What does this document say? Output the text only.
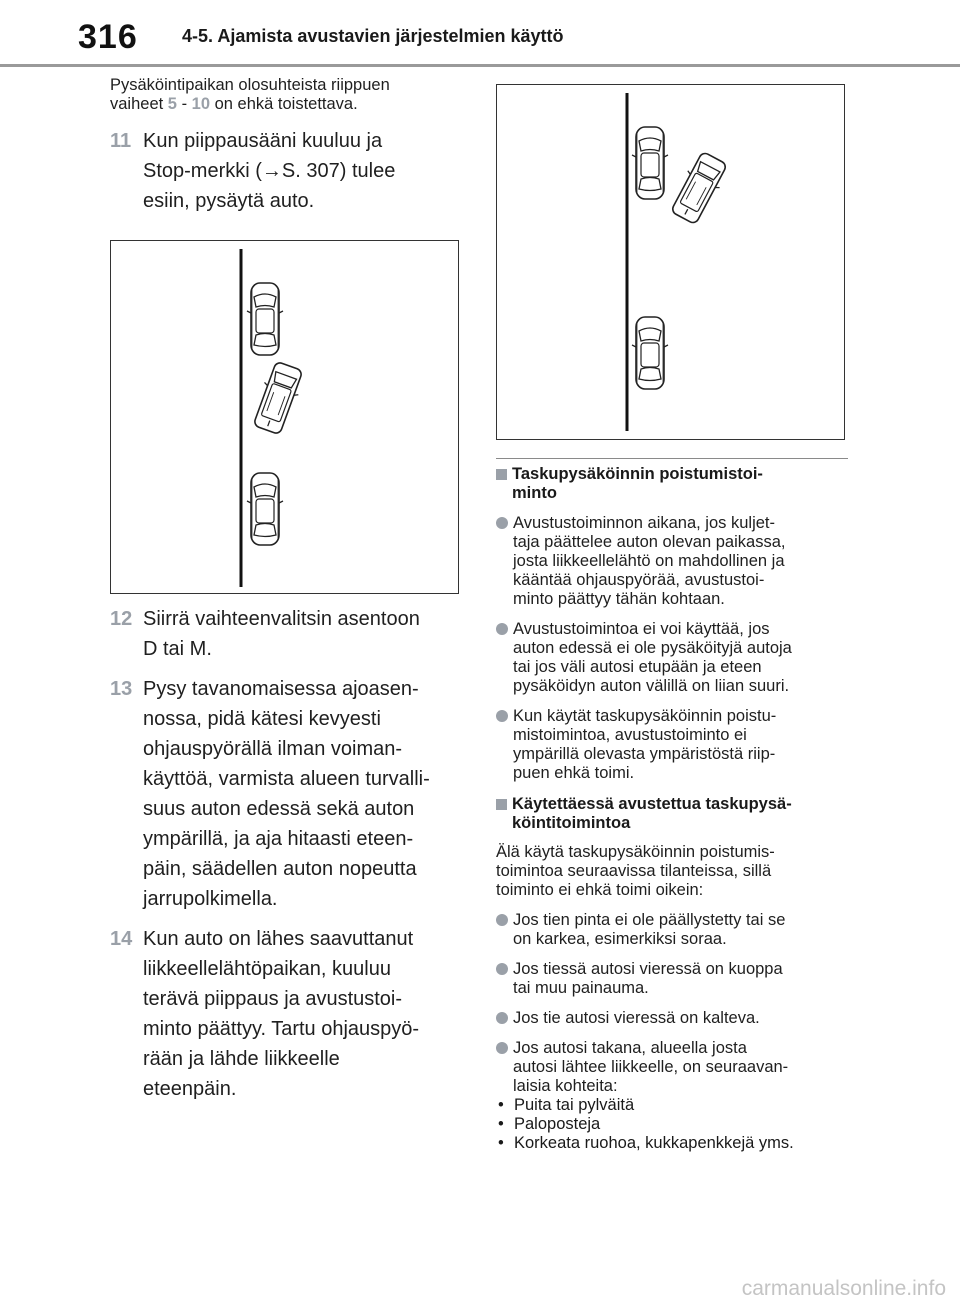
316 4-5. Ajamista avustavien järjestelmien käyttö

Pysäköintipaikan olosuhteista riippuen
vaiheet 5 - 10 on ehkä toistettava.

11 Kun piippausääni kuuluu ja
Stop-merkki (→S. 307) tulee
esiin, pysäytä auto.
12 Siirrä vaihteenvalitsin asentoon
D tai M.
13 Pysy tavanomaisessa ajoasen-
nossa, pidä kätesi kevyesti
ohjauspyörällä ilman voiman-
käyttöä, varmista alueen turvalli-
suus auton edessä sekä auton
ympärillä, ja aja hitaasti eteen-
päin, säädellen auton nopeutta
jarrupolkimella.
14 Kun auto on lähes saavuttanut
liikkeellelähtöpaikan, kuuluu
terävä piippaus ja avustustoi-
minto päättyy. Tartu ohjauspyö-
rään ja lähde liikkeelle
eteenpäin.
Taskupysäköinnin poistumistoi-
minto
Avustustoiminnon aikana, jos kuljet-
taja päättelee auton olevan paikassa,
josta liikkeellelähtö on mahdollinen ja
kääntää ohjauspyörää, avustustoi-
minto päättyy tähän kohtaan.
Avustustoimintoa ei voi käyttää, jos
auton edessä ei ole pysäköityjä autoja
tai jos väli autosi etupään ja eteen
pysäköidyn auton välillä on liian suuri.
Kun käytät taskupysäköinnin poistu-
mistoimintoa, avustustoiminto ei
ympärillä olevasta ympäristöstä riip-
puen ehkä toimi.
Käytettäessä avustettua taskupysä-
köintitoimintoa
Älä käytä taskupysäköinnin poistumis-
toimintoa seuraavissa tilanteissa, sillä
toiminto ei ehkä toimi oikein:
Jos tien pinta ei ole päällystetty tai se
on karkea, esimerkiksi soraa.
Jos tiessä autosi vieressä on kuoppa
tai muu painauma.
Jos tie autosi vieressä on kalteva.
Jos autosi takana, alueella josta
autosi lähtee liikkeelle, on seuraavan-
laisia kohteita:
• Puita tai pylväitä
• Paloposteja
• Korkeata ruohoa, kukkapenkkejä yms.
carmanualsonline.info
